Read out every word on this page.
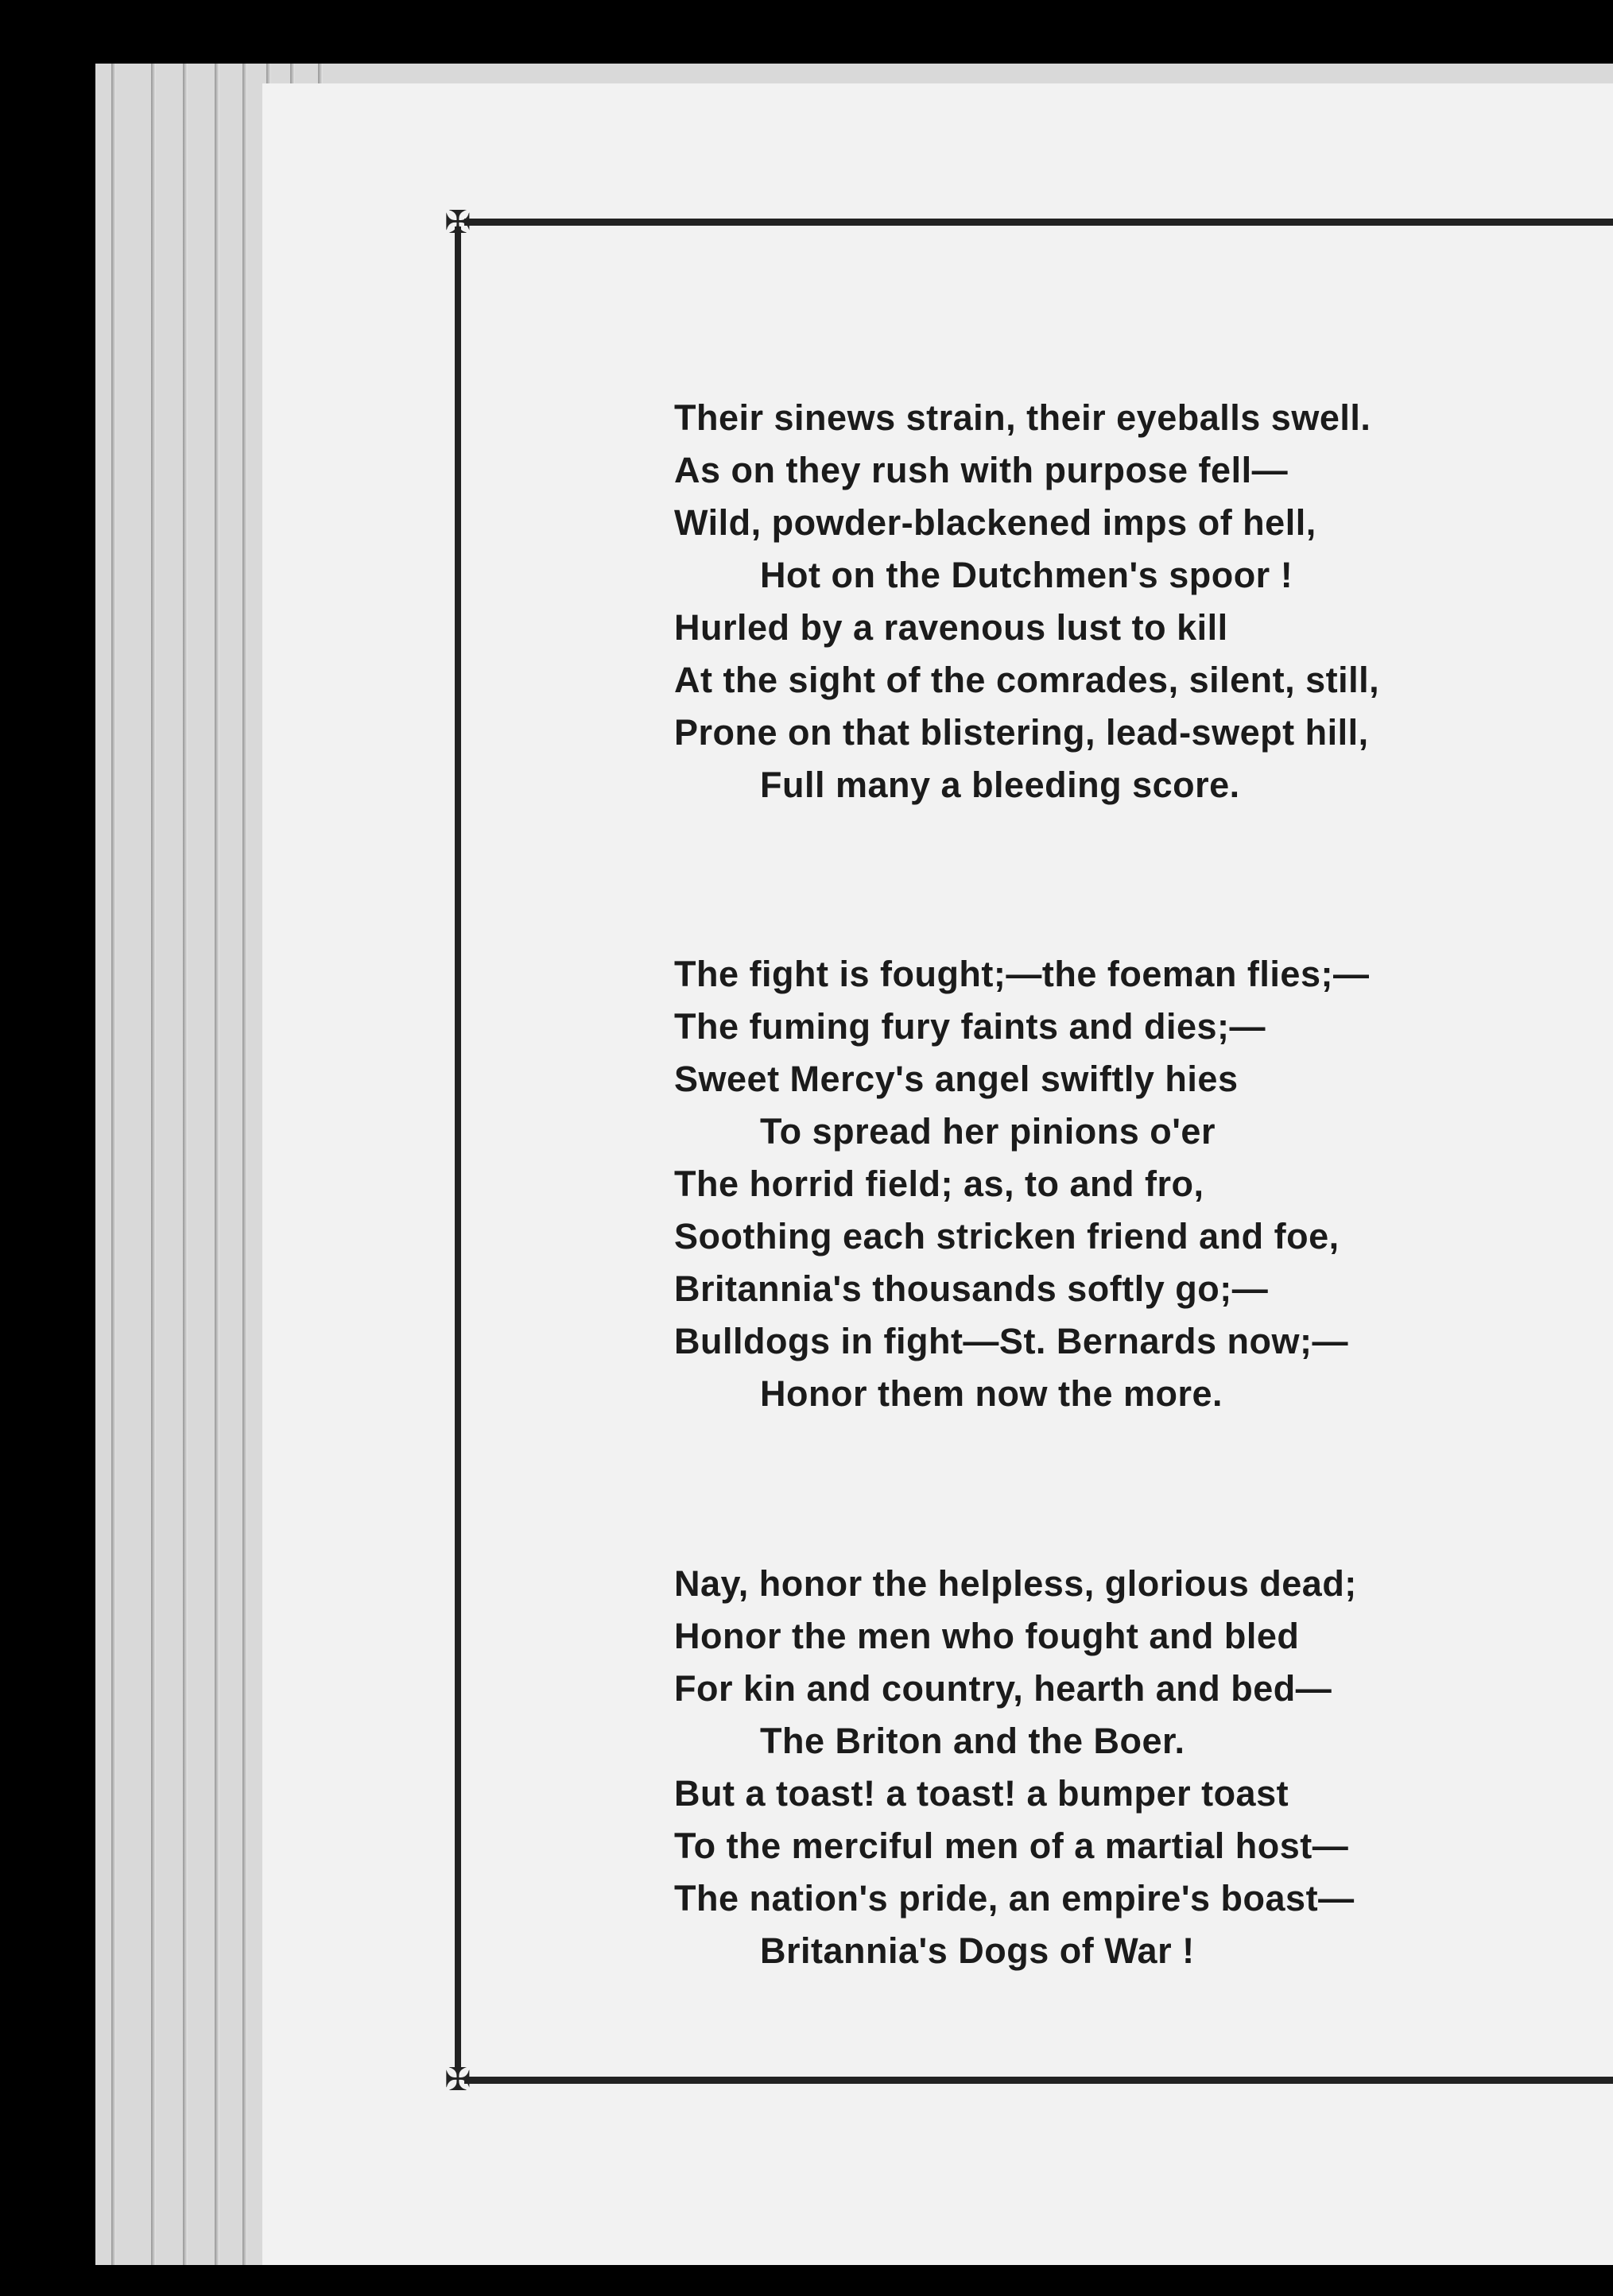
✠
✠
Their sinews strain, their eyeballs swell.
As on they rush with purpose fell—
Wild, powder-blackened imps of hell,
Hot on the Dutchmen's spoor !
Hurled by a ravenous lust to kill
At the sight of the comrades, silent, still,
Prone on that blistering, lead-swept hill,
Full many a bleeding score.
The fight is fought;—the foeman flies;—
The fuming fury faints and dies;—
Sweet Mercy's angel swiftly hies
To spread her pinions o'er
The horrid field; as, to and fro,
Soothing each stricken friend and foe,
Britannia's thousands softly go;—
Bulldogs in fight—St. Bernards now;—
Honor them now the more.
Nay, honor the helpless, glorious dead;
Honor the men who fought and bled
For kin and country, hearth and bed—
The Briton and the Boer.
But a toast! a toast! a bumper toast
To the merciful men of a martial host—
The nation's pride, an empire's boast—
Britannia's Dogs of War !
